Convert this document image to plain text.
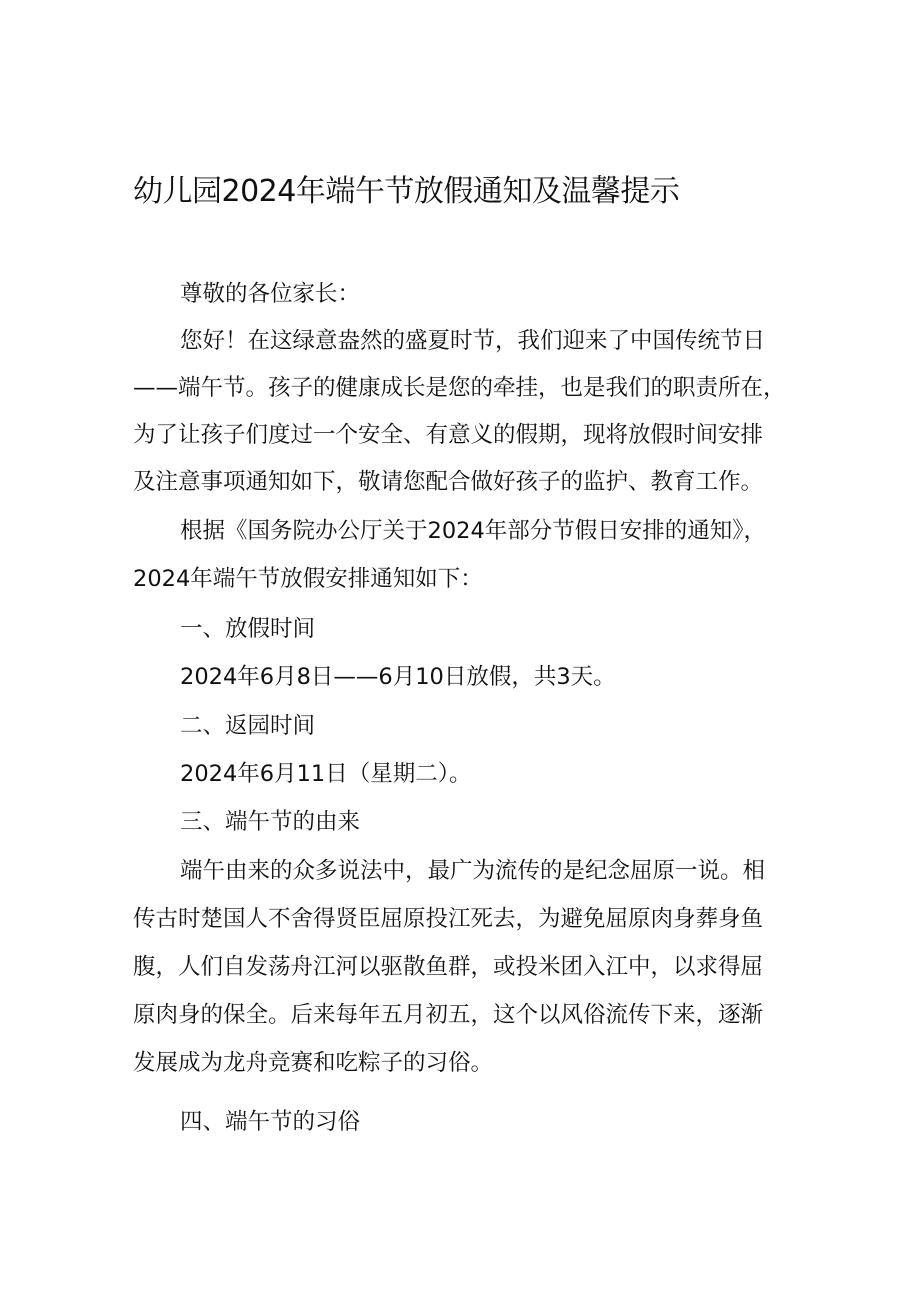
幼儿园2024年端午节放假通知及温馨提示
尊敬的各位家长：
您好！在这绿意盎然的盛夏时节，我们迎来了中国传统节日
——端午节。孩子的健康成长是您的牵挂，也是我们的职责所在，
为了让孩子们度过一个安全、有意义的假期，现将放假时间安排
及注意事项通知如下，敬请您配合做好孩子的监护、教育工作。
根据《国务院办公厅关于2024年部分节假日安排的通知》，
2024年端午节放假安排通知如下：
一、放假时间
2024年6月8日——6月10日放假，共3天。
二、返园时间
2024年6月11日（星期二）。
三、端午节的由来
端午由来的众多说法中，最广为流传的是纪念屈原一说。相
传古时楚国人不舍得贤臣屈原投江死去，为避免屈原肉身葬身鱼
腹，人们自发荡舟江河以驱散鱼群，或投米团入江中，以求得屈
原肉身的保全。后来每年五月初五，这个以风俗流传下来，逐渐
发展成为龙舟竞赛和吃粽子的习俗。
四、端午节的习俗
